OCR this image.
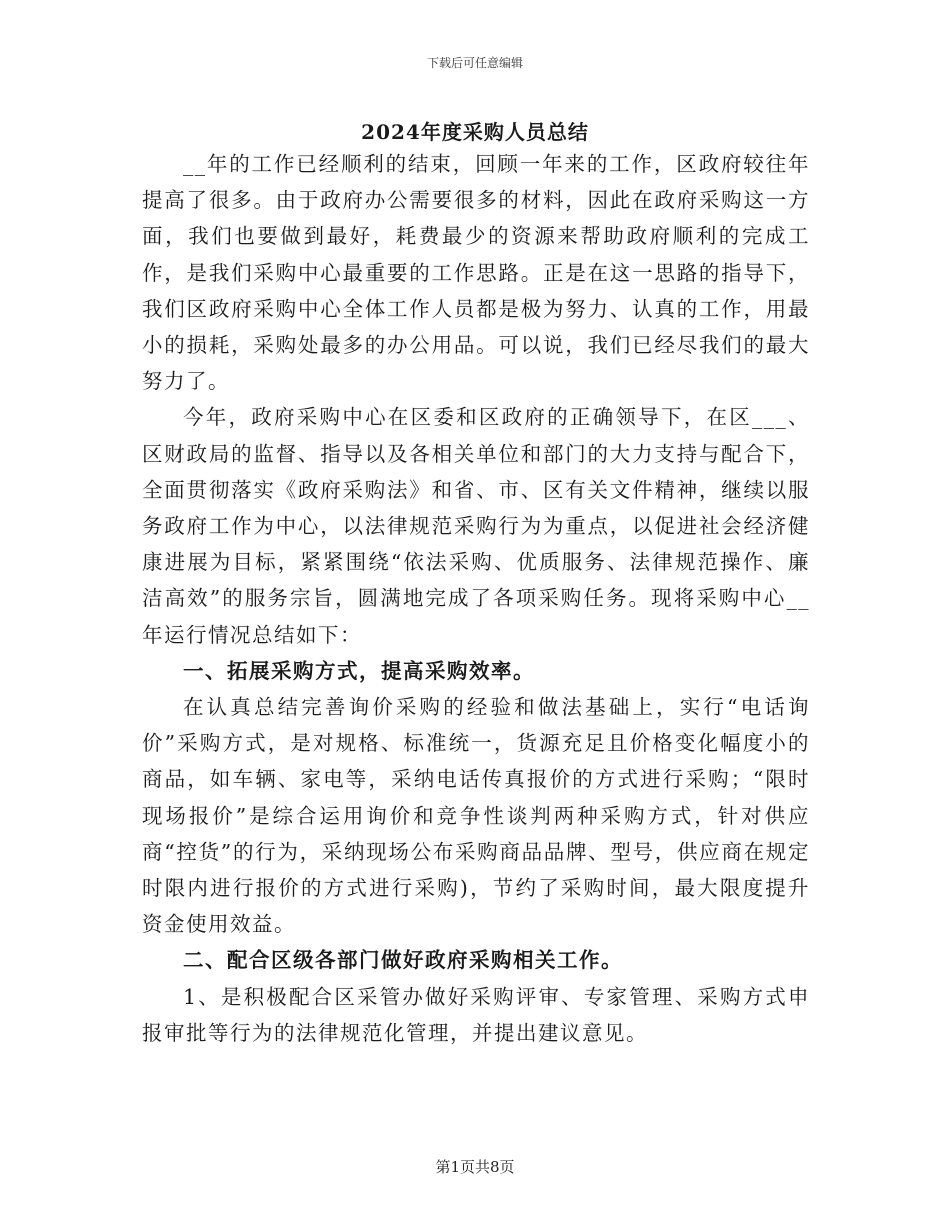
下载后可任意编辑
2024年度采购人员总结

__年的工作已经顺利的结束，回顾一年来的工作，区政府较往年提高了很多。由于政府办公需要很多的材料，因此在政府采购这一方面，我们也要做到最好，耗费最少的资源来帮助政府顺利的完成工作，是我们采购中心最重要的工作思路。正是在这一思路的指导下，我们区政府采购中心全体工作人员都是极为努力、认真的工作，用最小的损耗，采购处最多的办公用品。可以说，我们已经尽我们的最大努力了。

今年，政府采购中心在区委和区政府的正确领导下，在区___、区财政局的监督、指导以及各相关单位和部门的大力支持与配合下，全面贯彻落实《政府采购法》和省、市、区有关文件精神，继续以服务政府工作为中心，以法律规范采购行为为重点，以促进社会经济健康进展为目标，紧紧围绕“依法采购、优质服务、法律规范操作、廉洁高效”的服务宗旨，圆满地完成了各项采购任务。现将采购中心__年运行情况总结如下：

一、拓展采购方式，提高采购效率。

在认真总结完善询价采购的经验和做法基础上，实行“电话询价”采购方式，是对规格、标准统一，货源充足且价格变化幅度小的商品，如车辆、家电等，采纳电话传真报价的方式进行采购；“限时现场报价”是综合运用询价和竞争性谈判两种采购方式，针对供应商“控货”的行为，采纳现场公布采购商品品牌、型号，供应商在规定时限内进行报价的方式进行采购)，节约了采购时间，最大限度提升资金使用效益。

二、配合区级各部门做好政府采购相关工作。

1、是积极配合区采管办做好采购评审、专家管理、采购方式申报审批等行为的法律规范化管理，并提出建议意见。

第1页共8页
